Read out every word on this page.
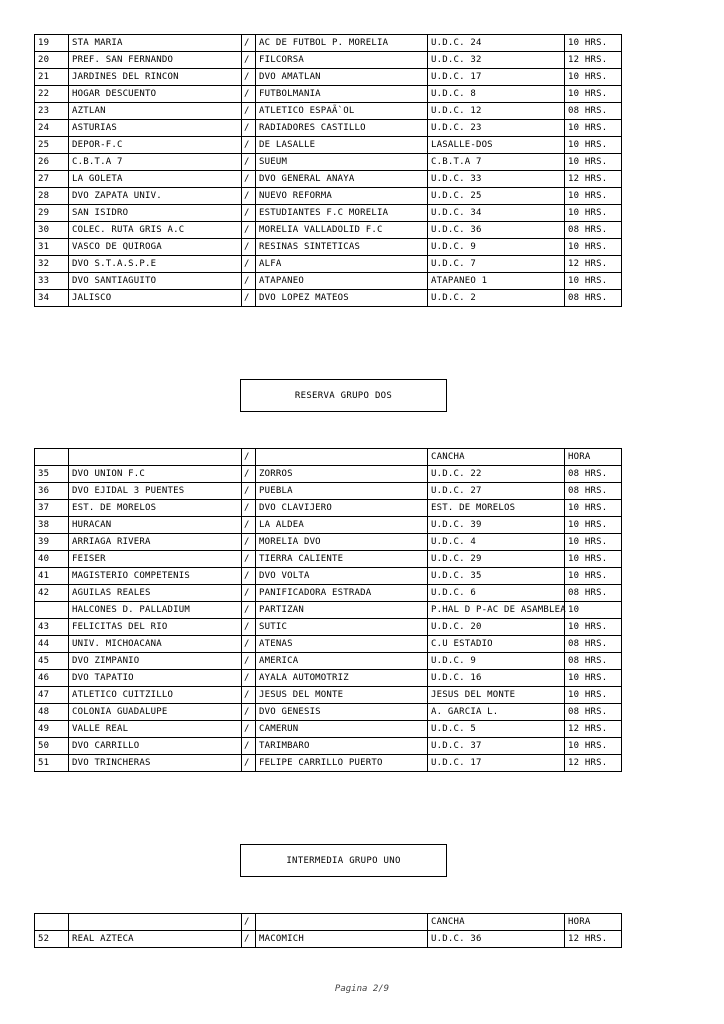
19	STA MARIA	/	AC DE FUTBOL P. MORELIA	U.D.C. 24	10 HRS.
20	PREF. SAN FERNANDO	/	FILCORSA	U.D.C. 32	12 HRS.
21	JARDINES DEL RINCON	/	DVO AMATLAN	U.D.C. 17	10 HRS.
22	HOGAR DESCUENTO	/	FUTBOLMANIA	U.D.C. 8	10 HRS.
23	AZTLAN	/	ATLETICO ESPAÃ`OL	U.D.C. 12	08 HRS.
24	ASTURIAS	/	RADIADORES CASTILLO	U.D.C. 23	10 HRS.
25	DEPOR-F.C	/	DE LASALLE	LASALLE-DOS	10 HRS.
26	C.B.T.A 7	/	SUEUM	C.B.T.A 7	10 HRS.
27	LA GOLETA	/	DVO GENERAL ANAYA	U.D.C. 33	12 HRS.
28	DVO ZAPATA UNIV.	/	NUEVO REFORMA	U.D.C. 25	10 HRS.
29	SAN ISIDRO	/	ESTUDIANTES F.C MORELIA	U.D.C. 34	10 HRS.
30	COLEC. RUTA GRIS A.C	/	MORELIA VALLADOLID F.C	U.D.C. 36	08 HRS.
31	VASCO DE QUIROGA	/	RESINAS SINTETICAS	U.D.C. 9	10 HRS.
32	DVO S.T.A.S.P.E	/	ALFA	U.D.C. 7	12 HRS.
33	DVO SANTIAGUITO	/	ATAPANEO	ATAPANEO 1	10 HRS.
34	JALISCO	/	DVO LOPEZ MATEOS	U.D.C. 2	08 HRS.
RESERVA GRUPO DOS
		/		CANCHA	HORA
35	DVO UNION F.C	/	ZORROS	U.D.C. 22	08 HRS.
36	DVO EJIDAL 3 PUENTES	/	PUEBLA	U.D.C. 27	08 HRS.
37	EST. DE MORELOS	/	DVO CLAVIJERO	EST. DE MORELOS	10 HRS.
38	HURACAN	/	LA ALDEA	U.D.C. 39	10 HRS.
39	ARRIAGA RIVERA	/	MORELIA DVO	U.D.C. 4	10 HRS.
40	FEISER	/	TIERRA CALIENTE	U.D.C. 29	10 HRS.
41	MAGISTERIO COMPETENIS	/	DVO VOLTA	U.D.C. 35	10 HRS.
42	AGUILAS REALES	/	PANIFICADORA ESTRADA	U.D.C. 6	08 HRS.
	HALCONES D. PALLADIUM	/	PARTIZAN	P.HAL D P-AC DE ASAMBLEA	10
43	FELICITAS DEL RIO	/	SUTIC	U.D.C. 20	10 HRS.
44	UNIV. MICHOACANA	/	ATENAS	C.U ESTADIO	08 HRS.
45	DVO ZIMPANIO	/	AMERICA	U.D.C. 9	08 HRS.
46	DVO TAPATIO	/	AYALA AUTOMOTRIZ	U.D.C. 16	10 HRS.
47	ATLETICO CUITZILLO	/	JESUS DEL MONTE	JESUS DEL MONTE	10 HRS.
48	COLONIA GUADALUPE	/	DVO GENESIS	A. GARCIA L.	08 HRS.
49	VALLE REAL	/	CAMERUN	U.D.C. 5	12 HRS.
50	DVO CARRILLO	/	TARIMBARO	U.D.C. 37	10 HRS.
51	DVO TRINCHERAS	/	FELIPE CARRILLO PUERTO	U.D.C. 17	12 HRS.
INTERMEDIA GRUPO UNO
		/		CANCHA	HORA
52	REAL AZTECA	/	MACOMICH	U.D.C. 36	12 HRS.
Pagina 2/9
